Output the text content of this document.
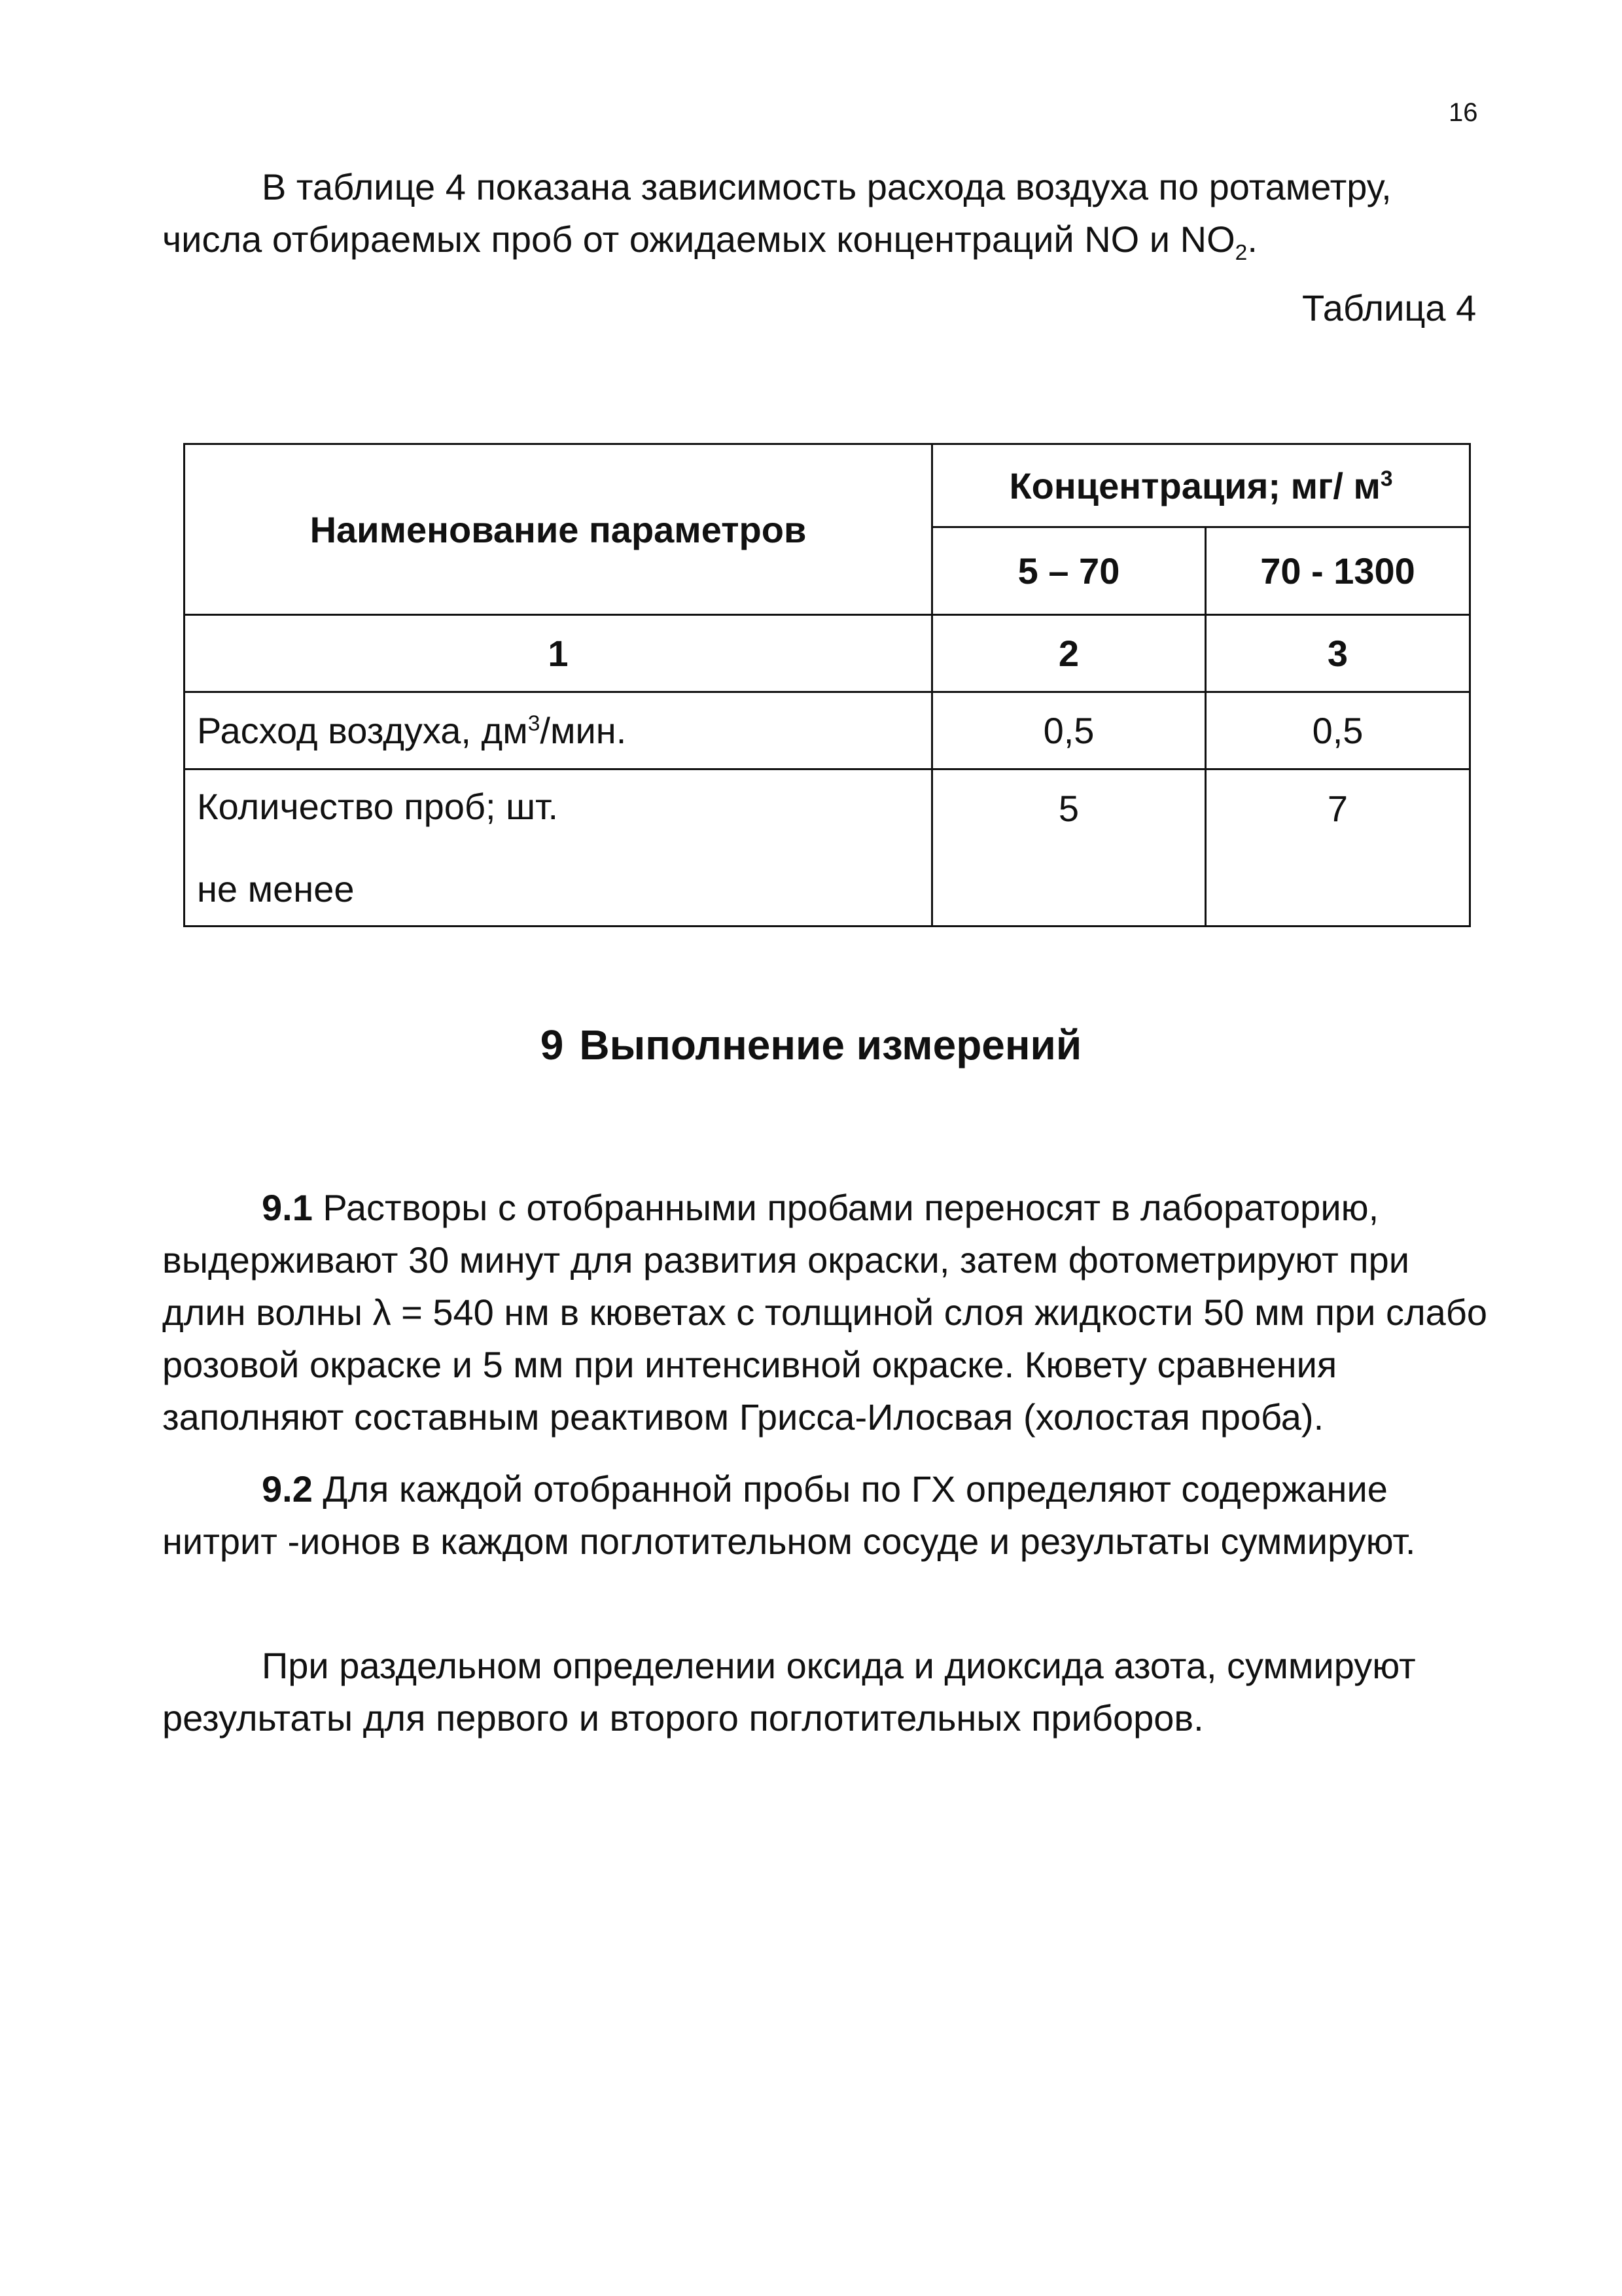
16

В таблице 4 показана зависимость расхода воздуха по ротаметру, числа отбираемых проб от ожидаемых концентраций NO и $NO_2$.

Таблица 4
Наименование параметров	Концентрация; мг/ $м^3$
	5 – 70	70 - 1300
1	2	3
Расход воздуха, $дм^3$/мин.	0,5	0,5

Количество проб; шт.
не менее	5	7
9 Выполнение измерений

9.1 Растворы с отобранными пробами переносят в лабораторию, выдерживают 30 минут для развития окраски, затем фотометрируют при длин волны λ = 540 нм в кюветах с толщиной слоя жидкости 50 мм при слабо розовой окраске и 5 мм при интенсивной окраске. Кювету сравнения заполняют составным реактивом Грисса-Илосвая (холостая проба).

9.2 Для каждой отобранной пробы по ГХ определяют содержание нитрит -ионов в каждом поглотительном сосуде и результаты суммируют.

При раздельном определении оксида и диоксида азота, суммируют результаты для первого и второго поглотительных приборов.
